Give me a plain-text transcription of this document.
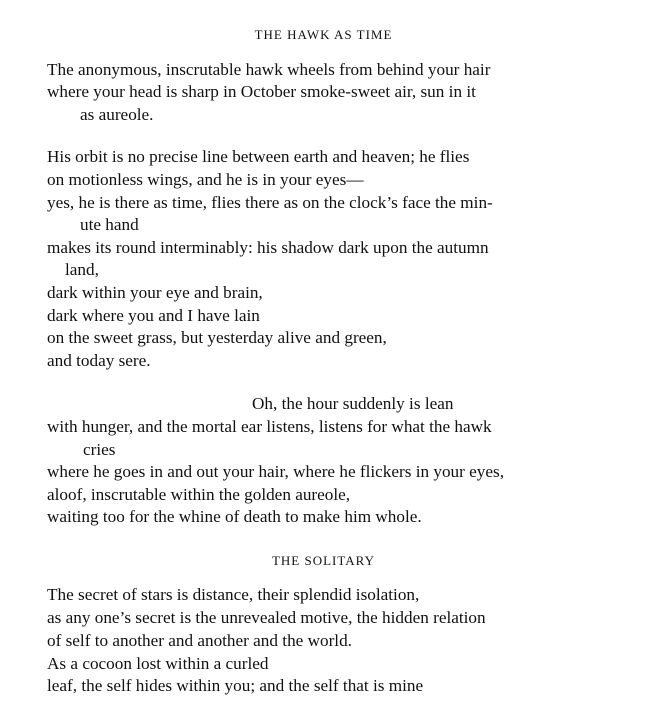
THE HAWK AS TIME
The anonymous, inscrutable hawk wheels from behind your hair
where your head is sharp in October smoke-sweet air, sun in it
as aureole.
His orbit is no precise line between earth and heaven; he flies
on motionless wings, and he is in your eyes—
yes, he is there as time, flies there as on the clock’s face the min-
ute hand
makes its round interminably: his shadow dark upon the autumn
land,
dark within your eye and brain,
dark where you and I have lain
on the sweet grass, but yesterday alive and green,
and today sere.
Oh, the hour suddenly is lean
with hunger, and the mortal ear listens, listens for what the hawk
cries
where he goes in and out your hair, where he flickers in your eyes,
aloof, inscrutable within the golden aureole,
waiting too for the whine of death to make him whole.
THE SOLITARY
The secret of stars is distance, their splendid isolation,
as any one’s secret is the unrevealed motive, the hidden relation
of self to another and another and the world.
As a cocoon lost within a curled
leaf, the self hides within you; and the self that is mine
